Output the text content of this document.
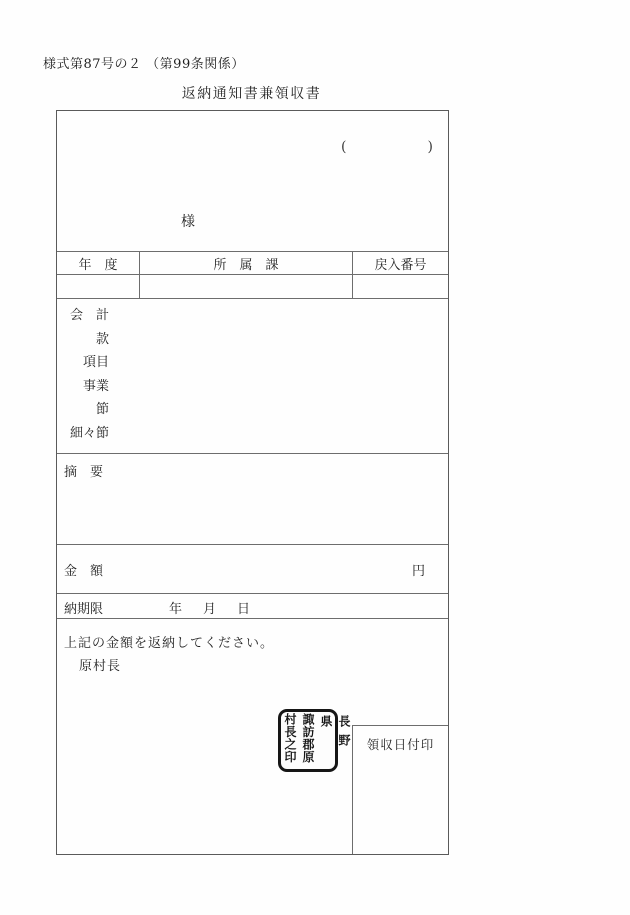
様式第87号の２ （第99条関係）
返納通知書兼領収書
(	)
様
年　度	所　属　課	戻入番号
会　計
款
項目
事業
節
細々節
摘　要
金　額	円
納期限	年　月　日
上記の金額を返納してください。
原村長
長野県
諏訪郡原
村長之印	領収日付印
